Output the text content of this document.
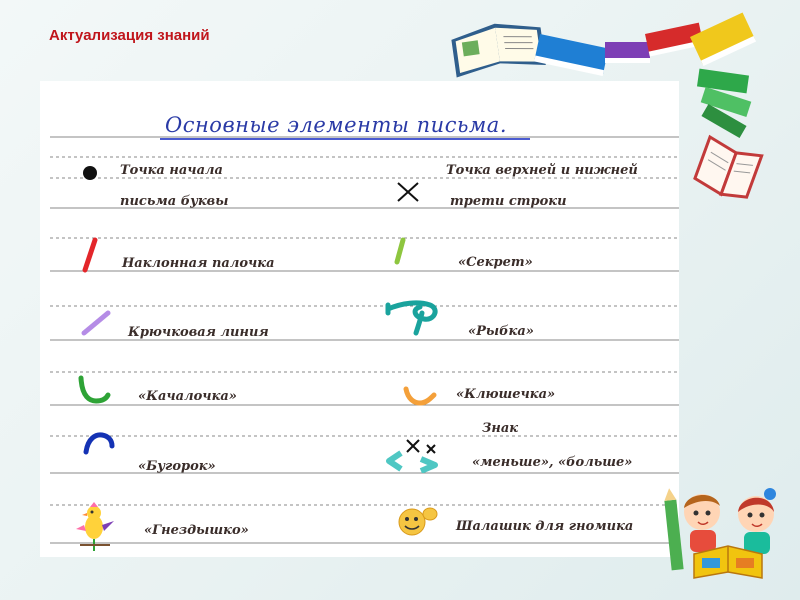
Актуализация знаний
Основные элементы письма.
Точка начала
письма буквы
Наклонная палочка
Крючковая линия
«Качалочка»
«Бугорок»
«Гнездышко»
Точка верхней и нижней
трети строки
«Секрет»
«Рыбка»
«Клюшечка»
Знак
«меньше», «больше»
Шалашик для гномика
